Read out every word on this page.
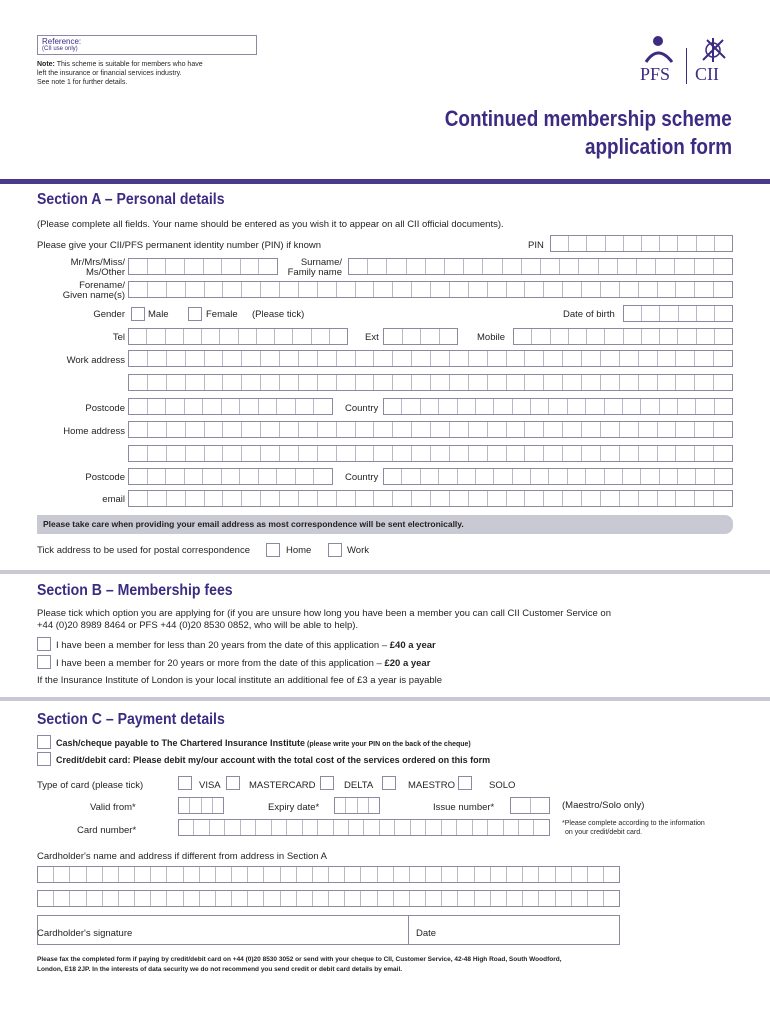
Reference:
(CII use only)
Note: This scheme is suitable for members who have
left the insurance or financial services industry.
See note 1 for further details.	PFS CII
Continued membership scheme
application form
Section A – Personal details
(Please complete all fields. Your name should be entered as you wish it to appear on all CII official documents).
Please give your CII/PFS permanent identity number (PIN) if known	PIN
Mr/Mrs/Miss/
Ms/Other
Surname/
Family name
Forename/
Given name(s)
Gender Male	Female (Please tick)	Date of birth
Tel	Ext	Mobile
Work address
Postcode	Country
Home address
Postcode	Country
email
Please take care when providing your email address as most correspondence will be sent electronically.
Tick address to be used for postal correspondence	Home	Work
Section B – Membership fees
Please tick which option you are applying for (if you are unsure how long you have been a member you can call CII Customer Service on
+44 (0)20 8989 8464 or PFS +44 (0)20 8530 0852, who will be able to help).
I have been a member for less than 20 years from the date of this application – £40 a year
I have been a member for 20 years or more from the date of this application – £20 a year
If the Insurance Institute of London is your local institute an additional fee of £3 a year is payable
Section C – Payment details
Cash/cheque payable to The Chartered Insurance Institute (please write your PIN on the back of the cheque)
Credit/debit card: Please debit my/our account with the total cost of the services ordered on this form
Type of card (please tick)	VISA	MASTERCARD	DELTA	MAESTRO	SOLO
Valid from*	Expiry date*	Issue number*	(Maestro/Solo only)
*Please complete according to the information
on your credit/debit card.
Card number*
Cardholder's name and address if different from address in Section A
Cardholder's signature	Date
Please fax the completed form if paying by credit/debit card on +44 (0)20 8530 3052 or send with your cheque to CII, Customer Service, 42-48 High Road, South Woodford,
London, E18 2JP. In the interests of data security we do not recommend you send credit or debit card details by email.
